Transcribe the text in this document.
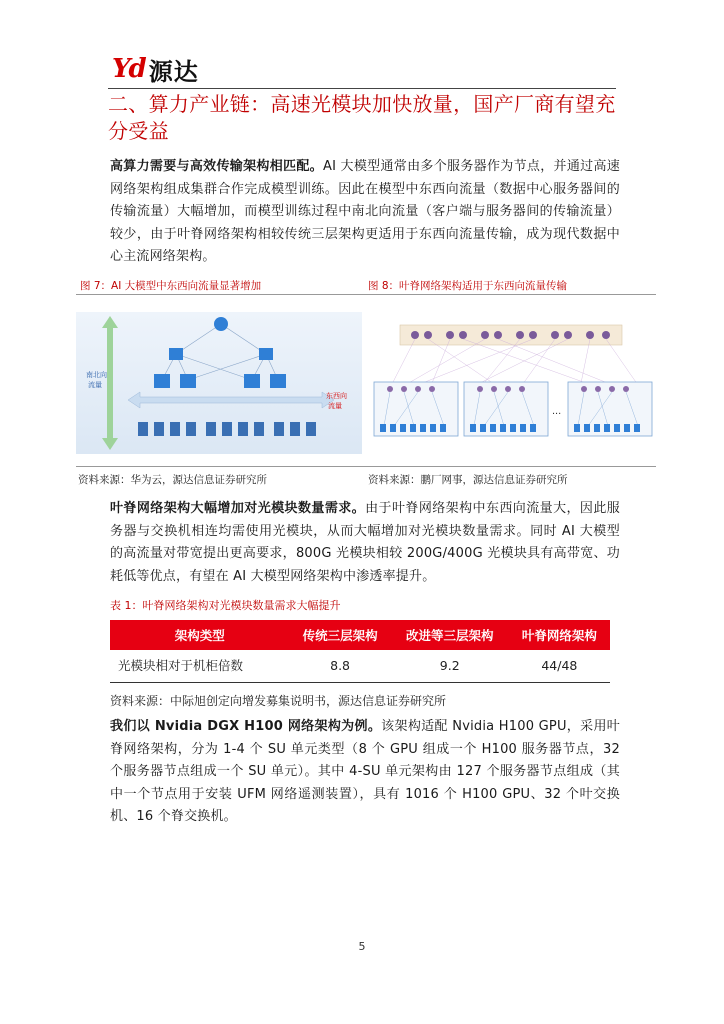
Yd 源达
二、算力产业链：高速光模块加快放量，国产厂商有望充分受益
高算力需要与高效传输架构相匹配。AI 大模型通常由多个服务器作为节点，并通过高速网络架构组成集群合作完成模型训练。因此在模型中东西向流量（数据中心服务器间的传输流量）大幅增加，而模型训练过程中南北向流量（客户端与服务器间的传输流量）较少，由于叶脊网络架构相较传统三层架构更适用于东西向流量传输，成为现代数据中心主流网络架构。
图 7：AI 大模型中东西向流量显著增加	图 8：叶脊网络架构适用于东西向流量传输
南北向
流量
东西向
流量	...
资料来源：华为云，源达信息证券研究所	资料来源：鹏厂网事，源达信息证券研究所
叶脊网络架构大幅增加对光模块数量需求。由于叶脊网络架构中东西向流量大，因此服务器与交换机相连均需使用光模块，从而大幅增加对光模块数量需求。同时 AI 大模型的高流量对带宽提出更高要求，800G 光模块相较 200G/400G 光模块具有高带宽、功耗低等优点，有望在 AI 大模型网络架构中渗透率提升。
表 1：叶脊网络架构对光模块数量需求大幅提升
架构类型	传统三层架构	改进等三层架构	叶脊网络架构
光模块相对于机柜倍数	8.8	9.2	44/48
资料来源：中际旭创定向增发募集说明书，源达信息证券研究所
我们以 Nvidia DGX H100 网络架构为例。该架构适配 Nvidia H100 GPU，采用叶脊网络架构，分为 1-4 个 SU 单元类型（8 个 GPU 组成一个 H100 服务器节点，32 个服务器节点组成一个 SU 单元）。其中 4-SU 单元架构由 127 个服务器节点组成（其中一个节点用于安装 UFM 网络遥测装置），具有 1016 个 H100 GPU、32 个叶交换机、16 个脊交换机。
5
